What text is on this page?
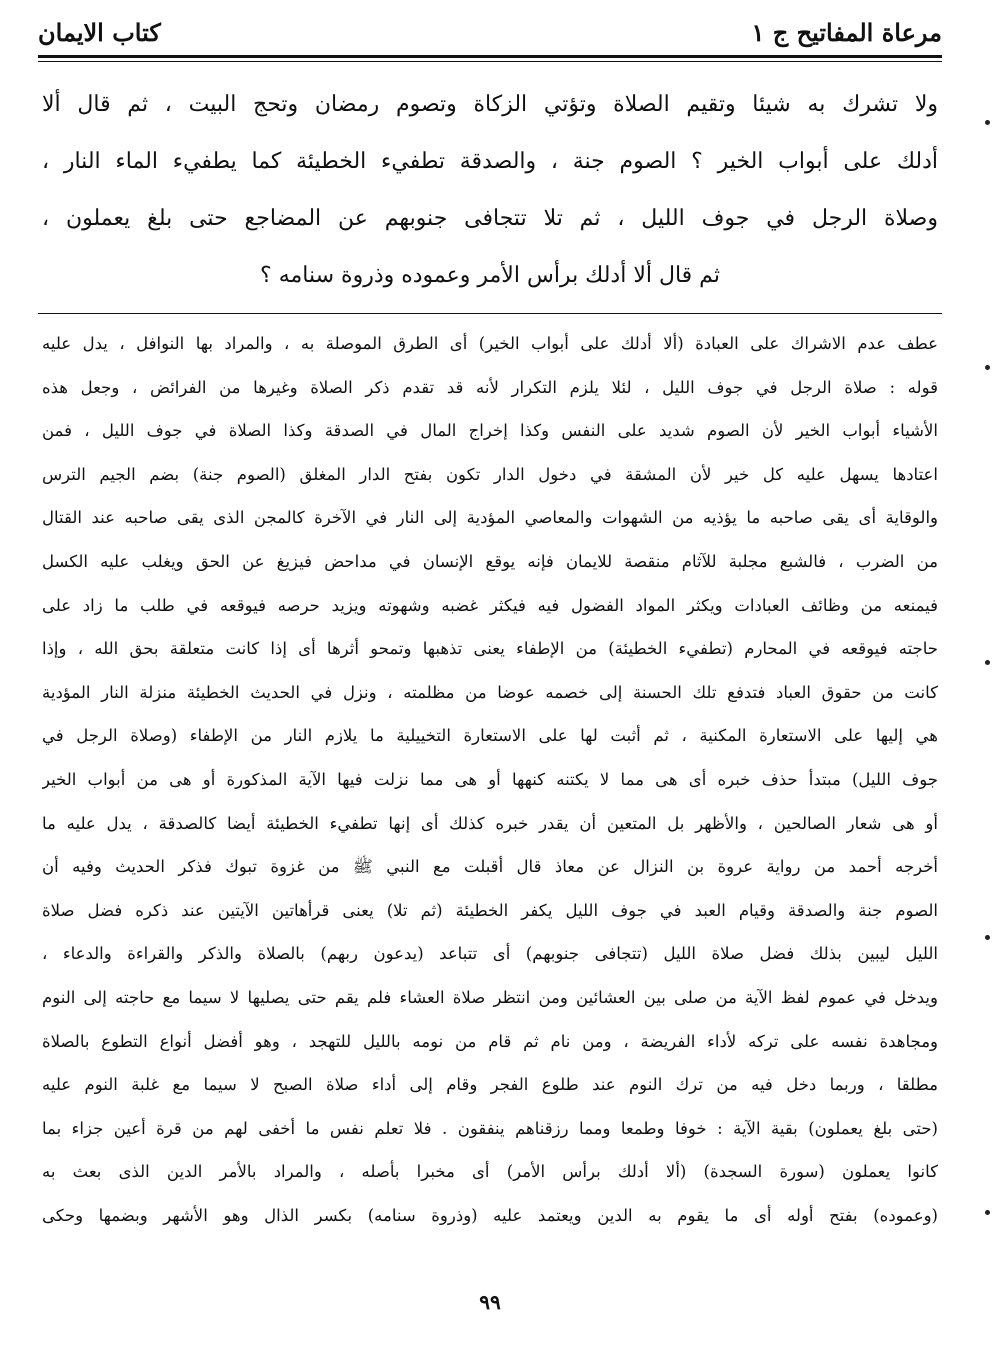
مرعاة المفاتيح ج ١
كتاب الايمان
ولا تشرك به شيئا وتقيم الصلاة وتؤتي الزكاة وتصوم رمضان وتحج البيت ، ثم قال ألا
أدلك على أبواب الخير ؟ الصوم جنة ، والصدقة تطفيء الخطيئة كما يطفيء الماء النار ،
وصلاة الرجل في جوف الليل ، ثم تلا تتجافى جنوبهم عن المضاجع حتى بلغ يعملون ،
ثم قال ألا أدلك برأس الأمر وعموده وذروة سنامه ؟
عطف عدم الاشراك على العبادة (ألا أدلك على أبواب الخير) أى الطرق الموصلة به ، والمراد بها النوافل ، يدل عليه
قوله : صلاة الرجل في جوف الليل ، لئلا يلزم التكرار لأنه قد تقدم ذكر الصلاة وغيرها من الفرائض ، وجعل هذه
الأشياء أبواب الخير لأن الصوم شديد على النفس وكذا إخراج المال في الصدقة وكذا الصلاة في جوف الليل ، فمن
اعتادها يسهل عليه كل خير لأن المشقة في دخول الدار تكون بفتح الدار المغلق (الصوم جنة) بضم الجيم الترس
والوقاية أى يقى صاحبه ما يؤذيه من الشهوات والمعاصي المؤدية إلى النار في الآخرة كالمجن الذى يقى صاحبه عند القتال
من الضرب ، فالشبع مجلبة للآثام منقصة للايمان فإنه يوقع الإنسان في مداحض فيزيغ عن الحق ويغلب عليه الكسل
فيمنعه من وظائف العبادات ويكثر المواد الفضول فيه فيكثر غضبه وشهوته ويزيد حرصه فيوقعه في طلب ما زاد على
حاجته فيوقعه في المحارم (تطفيء الخطيئة) من الإطفاء يعنى تذهبها وتمحو أثرها أى إذا كانت متعلقة بحق الله ، وإذا
كانت من حقوق العباد فتدفع تلك الحسنة إلى خصمه عوضا من مظلمته ، ونزل في الحديث الخطيئة منزلة النار المؤدية
هي إليها على الاستعارة المكنية ، ثم أثبت لها على الاستعارة التخييلية ما يلازم النار من الإطفاء (وصلاة الرجل في
جوف الليل) مبتدأ حذف خبره أى هى مما لا يكتنه كنهها أو هى مما نزلت فيها الآية المذكورة أو هى من أبواب الخير
أو هى شعار الصالحين ، والأظهر بل المتعين أن يقدر خبره كذلك أى إنها تطفيء الخطيئة أيضا كالصدقة ، يدل عليه ما
أخرجه أحمد من رواية عروة بن النزال عن معاذ قال أقبلت مع النبي ﷺ من غزوة تبوك فذكر الحديث وفيه أن
الصوم جنة والصدقة وقيام العبد في جوف الليل يكفر الخطيئة (ثم تلا) يعنى قرأهاتين الآيتين عند ذكره فضل صلاة
الليل ليبين بذلك فضل صلاة الليل (تتجافى جنوبهم) أى تتباعد (يدعون ربهم) بالصلاة والذكر والقراءة والدعاء ،
ويدخل في عموم لفظ الآية من صلى بين العشائين ومن انتظر صلاة العشاء فلم يقم حتى يصليها لا سيما مع حاجته إلى النوم
ومجاهدة نفسه على تركه لأداء الفريضة ، ومن نام ثم قام من نومه بالليل للتهجد ، وهو أفضل أنواع التطوع بالصلاة
مطلقا ، وربما دخل فيه من ترك النوم عند طلوع الفجر وقام إلى أداء صلاة الصبح لا سيما مع غلبة النوم عليه
(حتى بلغ يعملون) بقية الآية : خوفا وطمعا ومما رزقناهم ينفقون . فلا تعلم نفس ما أخفى لهم من قرة أعين جزاء بما
كانوا يعملون (سورة السجدة) (ألا أدلك برأس الأمر) أى مخبرا بأصله ، والمراد بالأمر الدين الذى بعث به
(وعموده) بفتح أوله أى ما يقوم به الدين ويعتمد عليه (وذروة سنامه) بكسر الذال وهو الأشهر وبضمها وحكى
٩٩
